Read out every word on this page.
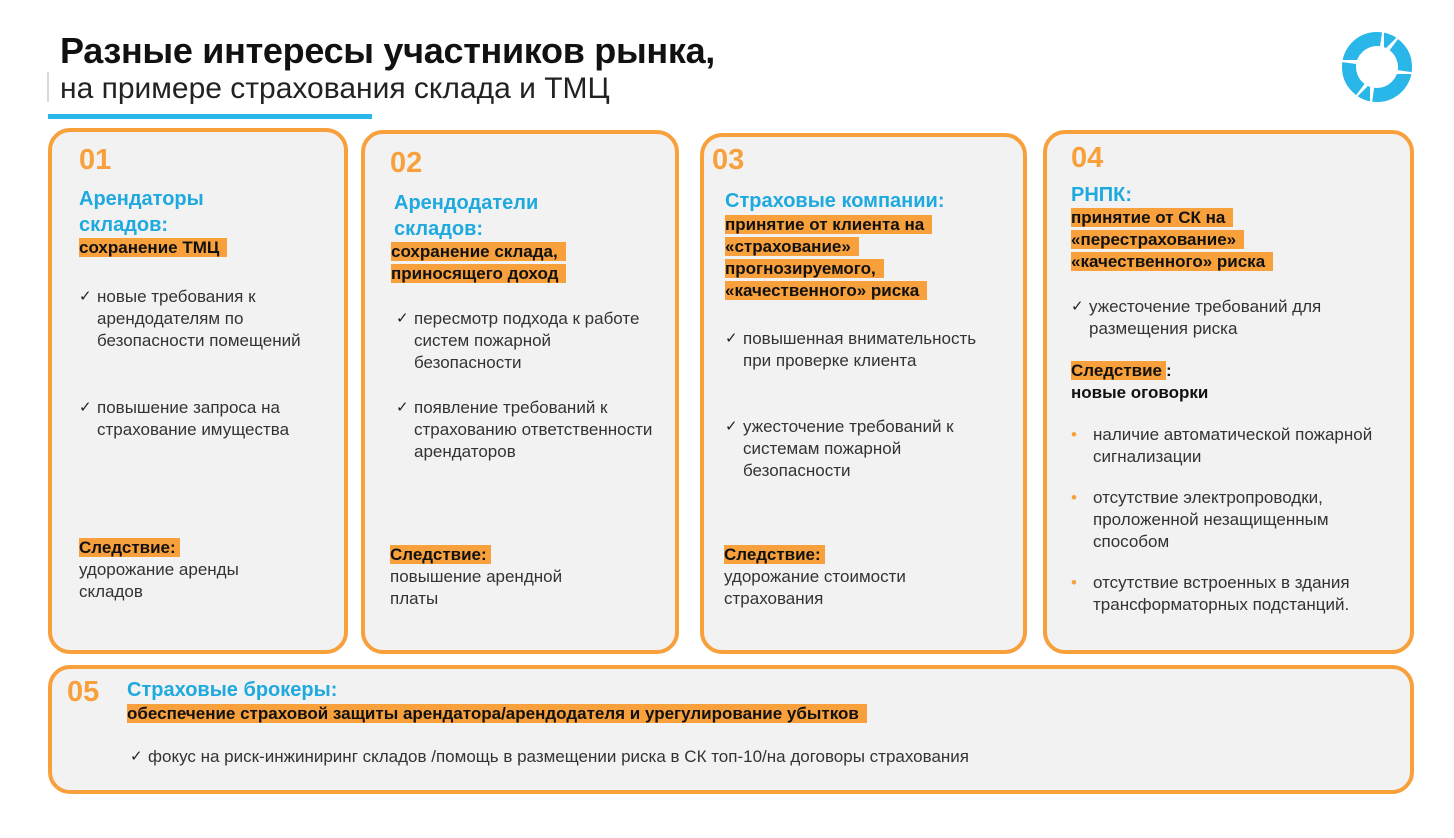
Разные интересы участников рынка,
на примере страхования склада и ТМЦ
01
Арендаторы складов:
сохранение ТМЦ
✓ новые требования к арендодателям по безопасности помещений
✓ повышение запроса на страхование имущества
Следствие:
удорожание аренды складов
02
Арендодатели складов:
сохранение склада, приносящего доход
✓ пересмотр подхода к работе систем пожарной безопасности
✓ появление требований к страхованию ответственности арендаторов
Следствие:
повышение арендной платы
03
Страховые компании:
принятие от клиента на «страхование» прогнозируемого, «качественного» риска
✓ повышенная внимательность при проверке клиента
✓ ужесточение требований к системам пожарной безопасности
Следствие:
удорожание стоимости страхования
04
РНПК:
принятие от СК на «перестрахование» «качественного» риска
✓ ужесточение требований для размещения риска
Следствие :
новые оговорки
• наличие автоматической пожарной сигнализации
• отсутствие электропроводки, проложенной незащищенным способом
• отсутствие встроенных в здания трансформаторных подстанций.
05 Страховые брокеры:
обеспечение страховой защиты арендатора/арендодателя и урегулирование убытков
✓ фокус на риск-инжиниринг складов /помощь в размещении риска в СК топ-10/на договоры страхования
